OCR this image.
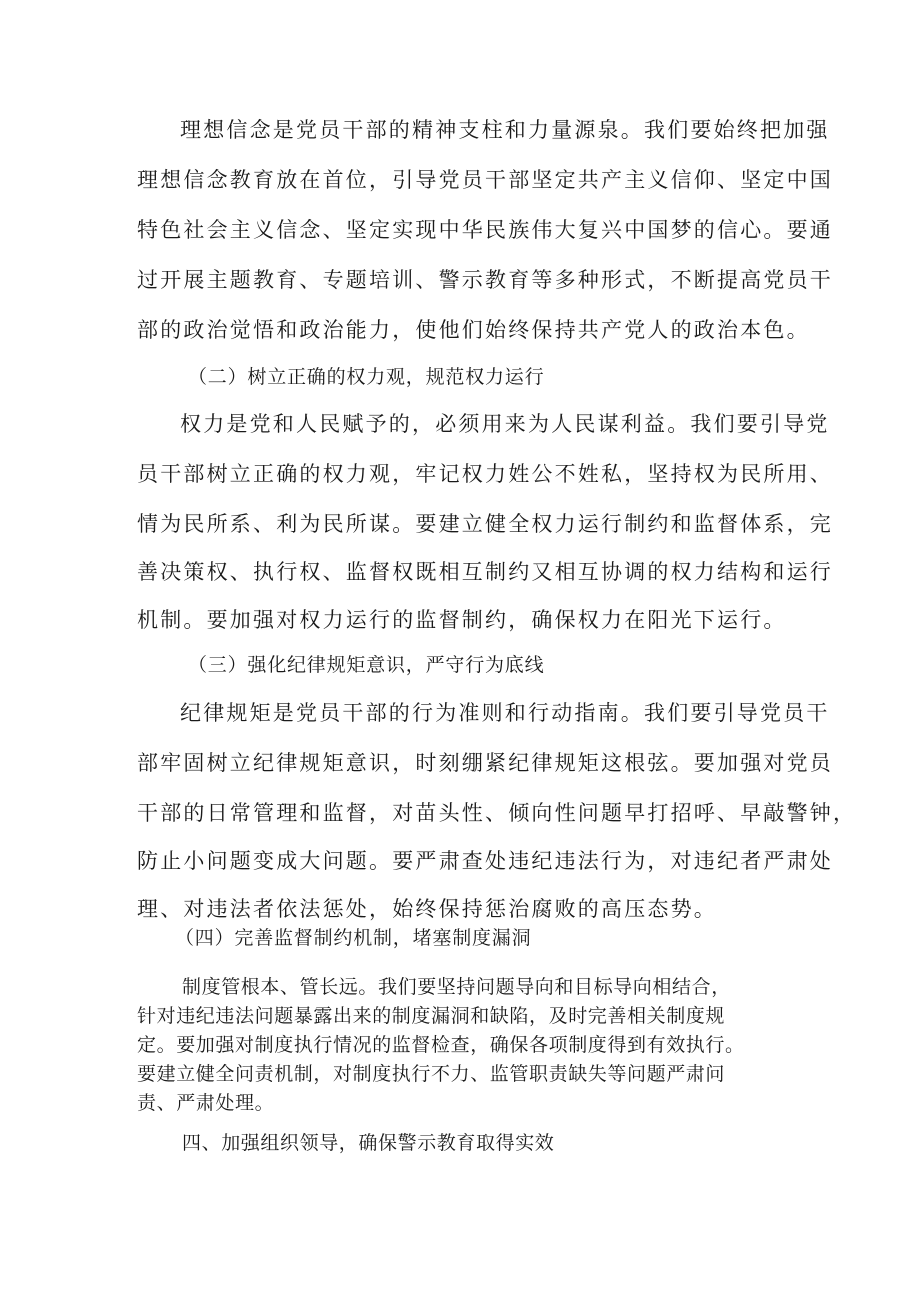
理想信念是党员干部的精神支柱和力量源泉。我们要始终把加强
理想信念教育放在首位，引导党员干部坚定共产主义信仰、坚定中国
特色社会主义信念、坚定实现中华民族伟大复兴中国梦的信心。要通
过开展主题教育、专题培训、警示教育等多种形式，不断提高党员干
部的政治觉悟和政治能力，使他们始终保持共产党人的政治本色。
（二）树立正确的权力观，规范权力运行
权力是党和人民赋予的，必须用来为人民谋利益。我们要引导党
员干部树立正确的权力观，牢记权力姓公不姓私，坚持权为民所用、
情为民所系、利为民所谋。要建立健全权力运行制约和监督体系，完
善决策权、执行权、监督权既相互制约又相互协调的权力结构和运行
机制。要加强对权力运行的监督制约，确保权力在阳光下运行。
（三）强化纪律规矩意识，严守行为底线
纪律规矩是党员干部的行为准则和行动指南。我们要引导党员干
部牢固树立纪律规矩意识，时刻绷紧纪律规矩这根弦。要加强对党员
干部的日常管理和监督，对苗头性、倾向性问题早打招呼、早敲警钟，
防止小问题变成大问题。要严肃查处违纪违法行为，对违纪者严肃处
理、对违法者依法惩处，始终保持惩治腐败的高压态势。
（四）完善监督制约机制，堵塞制度漏洞
制度管根本、管长远。我们要坚持问题导向和目标导向相结合，
针对违纪违法问题暴露出来的制度漏洞和缺陷，及时完善相关制度规
定。要加强对制度执行情况的监督检查，确保各项制度得到有效执行。
要建立健全问责机制，对制度执行不力、监管职责缺失等问题严肃问
责、严肃处理。
四、加强组织领导，确保警示教育取得实效
